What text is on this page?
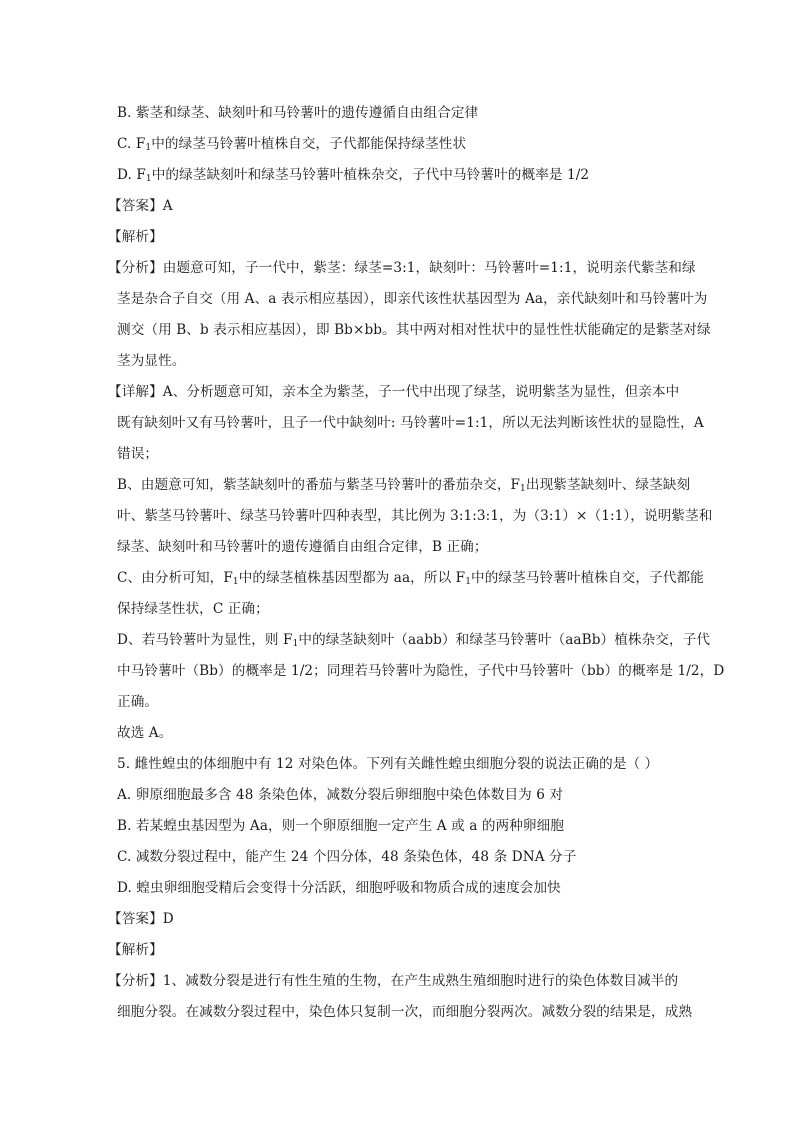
B. 紫茎和绿茎、缺刻叶和马铃薯叶的遗传遵循自由组合定律
C. $F_1$中的绿茎马铃薯叶植株自交，子代都能保持绿茎性状
D. $F_1$中的绿茎缺刻叶和绿茎马铃薯叶植株杂交，子代中马铃薯叶的概率是 1/2
【答案】A
【解析】
【分析】由题意可知，子一代中，紫茎：绿茎=3:1，缺刻叶：马铃薯叶=1:1，说明亲代紫茎和绿
茎是杂合子自交（用 A、a 表示相应基因），即亲代该性状基因型为 Aa，亲代缺刻叶和马铃薯叶为
测交（用 B、b 表示相应基因），即 Bb×bb。其中两对相对性状中的显性性状能确定的是紫茎对绿
茎为显性。
【详解】A、分析题意可知，亲本全为紫茎，子一代中出现了绿茎，说明紫茎为显性，但亲本中
既有缺刻叶又有马铃薯叶，且子一代中缺刻叶: 马铃薯叶=1:1，所以无法判断该性状的显隐性，A
错误；
B、由题意可知，紫茎缺刻叶的番茄与紫茎马铃薯叶的番茄杂交，$F_1$出现紫茎缺刻叶、绿茎缺刻
叶、紫茎马铃薯叶、绿茎马铃薯叶四种表型，其比例为 3:1:3:1，为（3:1）×（1:1），说明紫茎和
绿茎、缺刻叶和马铃薯叶的遗传遵循自由组合定律，B 正确；
C、由分析可知，$F_1$中的绿茎植株基因型都为 aa，所以 $F_1$中的绿茎马铃薯叶植株自交，子代都能
保持绿茎性状，C 正确；
D、若马铃薯叶为显性，则 $F_1$中的绿茎缺刻叶（aabb）和绿茎马铃薯叶（aaBb）植株杂交，子代
中马铃薯叶（Bb）的概率是 1/2；同理若马铃薯叶为隐性，子代中马铃薯叶（bb）的概率是 1/2，D
正确。
故选 A。
5. 雌性蝗虫的体细胞中有 12 对染色体。下列有关雌性蝗虫细胞分裂的说法正确的是（ ）
A. 卵原细胞最多含 48 条染色体，减数分裂后卵细胞中染色体数目为 6 对
B. 若某蝗虫基因型为 Aa，则一个卵原细胞一定产生 A 或 a 的两种卵细胞
C. 减数分裂过程中，能产生 24 个四分体，48 条染色体，48 条 DNA 分子
D. 蝗虫卵细胞受精后会变得十分活跃，细胞呼吸和物质合成的速度会加快
【答案】D
【解析】
【分析】1、减数分裂是进行有性生殖的生物，在产生成熟生殖细胞时进行的染色体数目减半的
细胞分裂。在减数分裂过程中，染色体只复制一次，而细胞分裂两次。减数分裂的结果是，成熟
